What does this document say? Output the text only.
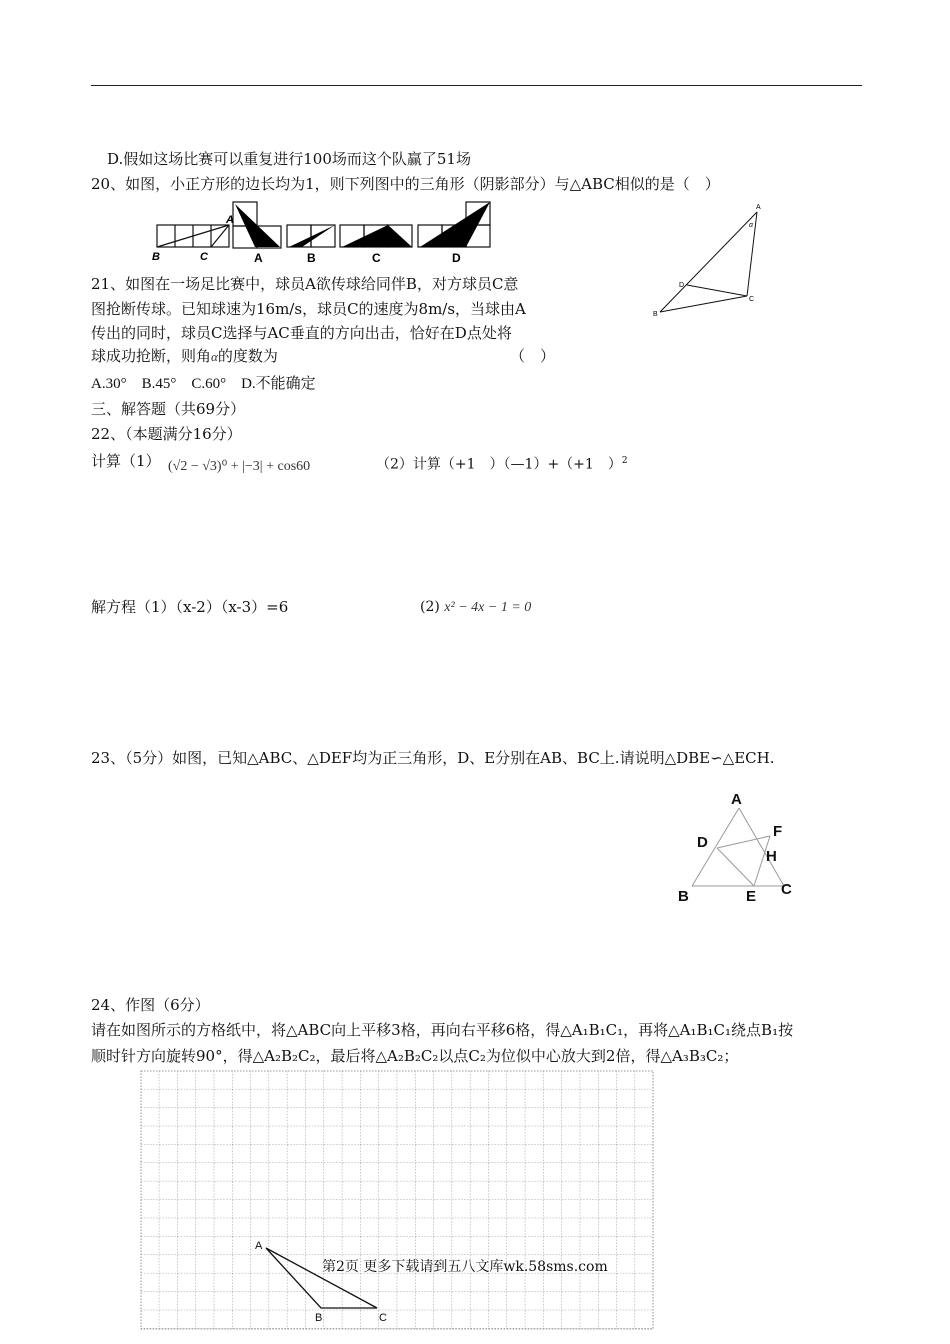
D.假如这场比赛可以重复进行100场而这个队赢了51场
20、如图，小正方形的边长均为1，则下列图中的三角形（阴影部分）与△ABC相似的是（　）
B	C
A
A	B	C	D
21、如图在一场足比赛中，球员A欲传球给同伴B，对方球员C意
图抢断传球。已知球速为16m/s，球员C的速度为8m/s，当球由A
传出的同时，球员C选择与AC垂直的方向出击，恰好在D点处将
球成功抢断，则角α的度数为	（　）
A.30°　B.45°　C.60°　D.不能确定
A
α
D
C
B
三、解答题（共69分）
22、（本题满分16分）
计算（1） (√2 − √3)⁰ + |−3| + cos60	（2）计算（+1　）（—1）+（+1　）$^2$
解方程（1）（x-2）（x-3）=6	(2) x² − 4x − 1 = 0
23、（5分）如图，已知△ABC、△DEF均为正三角形，D、E分别在AB、BC上.请说明△DBE∽△ECH.
A
D
F
H
B	E C
24、作图（6分）
请在如图所示的方格纸中，将△ABC向上平移3格，再向右平移6格，得△A₁B₁C₁，再将△A₁B₁C₁绕点B₁按
顺时针方向旋转90°，得△A₂B₂C₂，最后将△A₂B₂C₂以点C₂为位似中心放大到2倍，得△A₃B₃C₂；
A
B	C
第2页 更多下载请到五八文库wk.58sms.com
